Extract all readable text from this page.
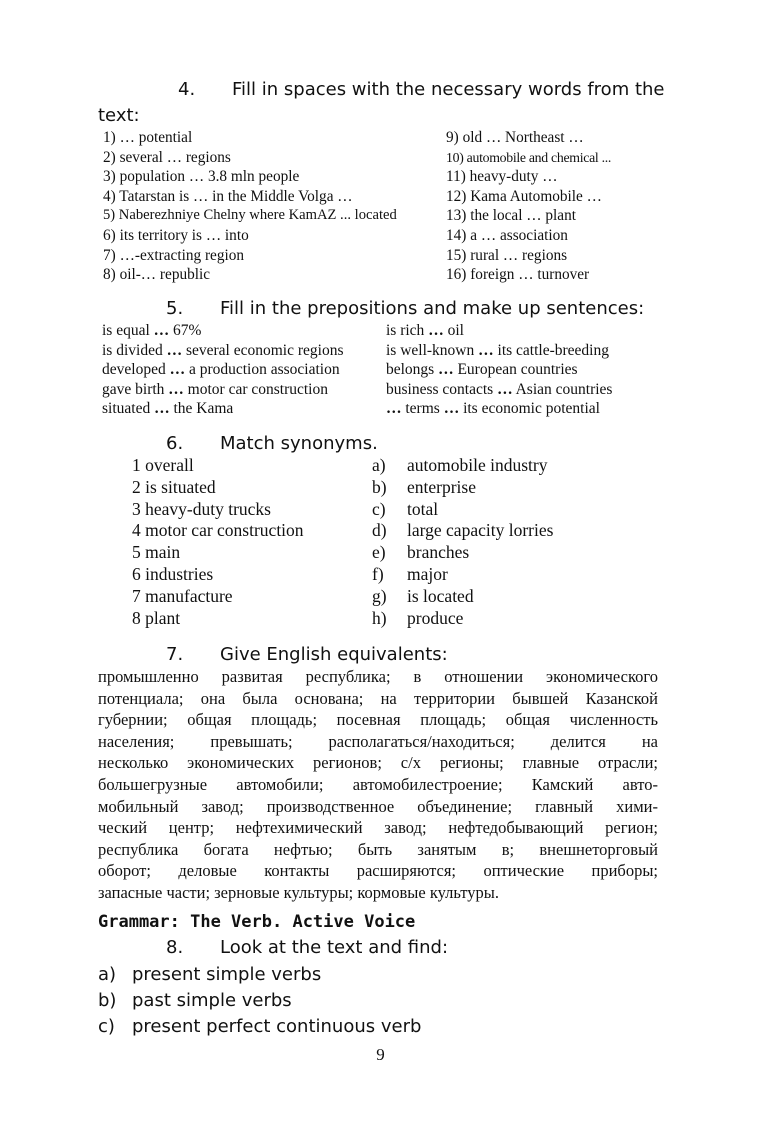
4. Fill in spaces with the necessary words from the
text:
1) … potential
2) several … regions
3) population … 3.8 mln people
4) Tatarstan is … in the Middle Volga …
5) Naberezhniye Chelny where KamAZ ... located
6) its territory is … into
7) …-extracting region
8) oil-… republic
9) old … Northeast …
10) automobile and chemical ...
11) heavy-duty …
12) Kama Automobile …
13) the local … plant
14) a … association
15) rural … regions
16) foreign … turnover
5. Fill in the prepositions and make up sentences:
is equal … 67%
is divided … several economic regions
developed … a production association
gave birth … motor car construction
situated … the Kama
is rich … oil
is well-known … its cattle-breeding
belongs … European countries
business contacts … Asian countries
… terms … its economic potential
6. Match synonyms.
1 overall
2 is situated
3 heavy-duty trucks
4 motor car construction
5 main
6 industries
7 manufacture
8 plant
a)
b)
c)
d)
e)
f)
g)
h)
automobile industry
enterprise
total
large capacity lorries
branches
major
is located
produce
7. Give English equivalents:
промышленно развитая республика; в отношении экономического
потенциала; она была основана; на территории бывшей Казанской
губернии; общая площадь; посевная площадь; общая численность
населения; превышать; располагаться/находиться; делится на
несколько экономических регионов; с/х регионы; главные отрасли;
большегрузные автомобили; автомобилестроение; Камский авто-
мобильный завод; производственное объединение; главный хими-
ческий центр; нефтехимический завод; нефтедобывающий регион;
республика богата нефтью; быть занятым в; внешнеторговый
оборот; деловые контакты расширяются; оптические приборы;
запасные части; зерновые культуры; кормовые культуры.
Grammar: The Verb. Active Voice
8. Look at the text and find:
a) present simple verbs
b) past simple verbs
c) present perfect continuous verb
9
